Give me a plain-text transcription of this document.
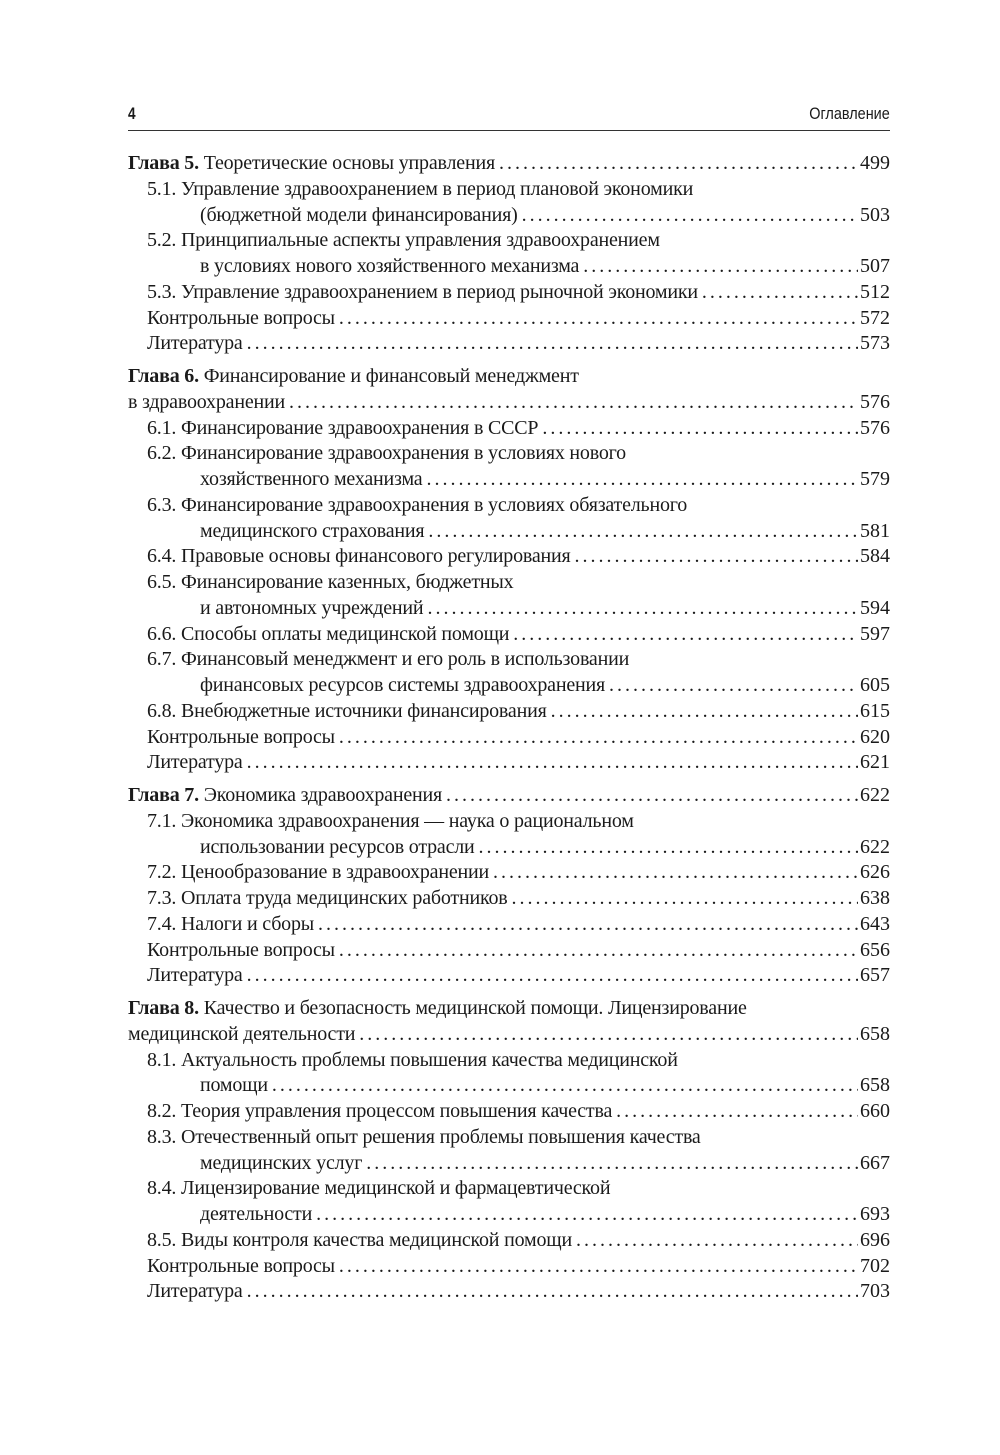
4	Оглавление
Глава 5. Теоретические основы управления . . .	499
5.1. Управление здравоохранением в период плановой экономики
(бюджетной модели финансирования) . . .	503
5.2. Принципиальные аспекты управления здравоохранением
в условиях нового хозяйственного механизма . . .	507
5.3. Управление здравоохранением в период рыночной экономики . . .	512
Контрольные вопросы . . .	572
Литература . . .	573
Глава 6. Финансирование и финансовый менеджмент
в здравоохранении . . .	576
6.1. Финансирование здравоохранения в СССР . . .	576
6.2. Финансирование здравоохранения в условиях нового
хозяйственного механизма . . .	579
6.3. Финансирование здравоохранения в условиях обязательного
медицинского страхования . . .	581
6.4. Правовые основы финансового регулирования . . .	584
6.5. Финансирование казенных, бюджетных
и автономных учреждений . . .	594
6.6. Способы оплаты медицинской помощи . . .	597
6.7. Финансовый менеджмент и его роль в использовании
финансовых ресурсов системы здравоохранения . . .	605
6.8. Внебюджетные источники финансирования . . .	615
Контрольные вопросы . . .	620
Литература . . .	621
Глава 7. Экономика здравоохранения . . .	622
7.1. Экономика здравоохранения — наука о рациональном
использовании ресурсов отрасли . . .	622
7.2. Ценообразование в здравоохранении . . .	626
7.3. Оплата труда медицинских работников . . .	638
7.4. Налоги и сборы . . .	643
Контрольные вопросы . . .	656
Литература . . .	657
Глава 8. Качество и безопасность медицинской помощи. Лицензирование
медицинской деятельности . . .	658
8.1. Актуальность проблемы повышения качества медицинской
помощи . . .	658
8.2. Теория управления процессом повышения качества . . .	660
8.3. Отечественный опыт решения проблемы повышения качества
медицинских услуг . . .	667
8.4. Лицензирование медицинской и фармацевтической
деятельности . . .	693
8.5. Виды контроля качества медицинской помощи . . .	696
Контрольные вопросы . . .	702
Литература . . .	703
